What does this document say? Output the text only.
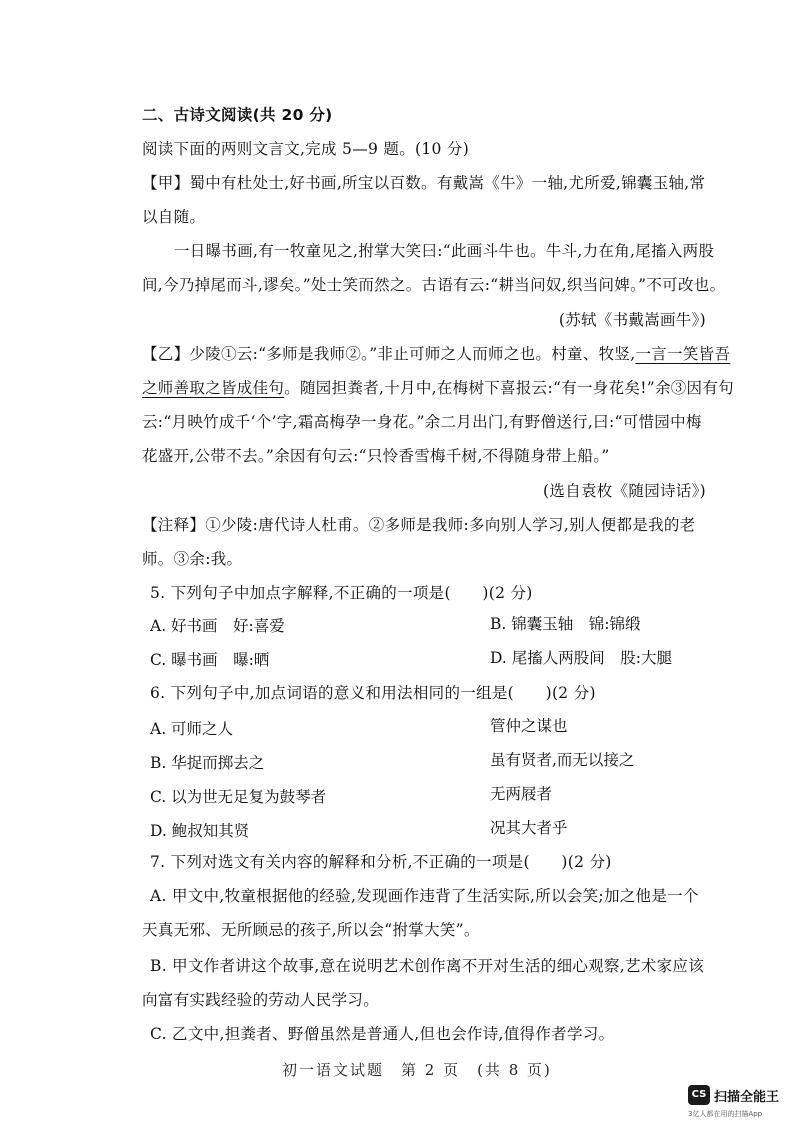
二、古诗文阅读(共 20 分)
阅读下面的两则文言文,完成 5—9 题。(10 分)
【甲】蜀中有杜处士,好书画,所宝以百数。有戴嵩《牛》一轴,尤所爱,锦囊玉轴,常
以自随。
一日曝书画,有一牧童见之,拊掌大笑曰:“此画斗牛也。牛斗,力在角,尾搐入两股
间,今乃掉尾而斗,谬矣。”处士笑而然之。古语有云:“耕当问奴,织当问婢。”不可改也。
(苏轼《书戴嵩画牛》)
【乙】少陵①云:“多师是我师②。”非止可师之人而师之也。村童、牧竖,一言一笑皆吾
之师善取之皆成佳句。随园担粪者,十月中,在梅树下喜报云:“有一身花矣!”余③因有句
云:“月映竹成千‘个’字,霜高梅孕一身花。”余二月出门,有野僧送行,曰:“可惜园中梅
花盛开,公带不去。”余因有句云:“只怜香雪梅千树,不得随身带上船。”
(选自袁枚《随园诗话》)
【注释】①少陵:唐代诗人杜甫。②多师是我师:多向别人学习,别人便都是我的老
师。③余:我。
5. 下列句子中加点字解释,不正确的一项是(　　)(2 分)
A. 好书画　好:喜爱	B. 锦囊玉轴　锦:锦缎
C. 曝书画　曝:晒	D. 尾搐人两股间　股:大腿
6. 下列句子中,加点词语的意义和用法相同的一组是(　　)(2 分)
A. 可师之人	管仲之谋也
B. 华捉而掷去之	虽有贤者,而无以接之
C. 以为世无足复为鼓琴者	无两屐者
D. 鲍叔知其贤	况其大者乎
7. 下列对选文有关内容的解释和分析,不正确的一项是(　　)(2 分)
A. 甲文中,牧童根据他的经验,发现画作违背了生活实际,所以会笑;加之他是一个
天真无邪、无所顾忌的孩子,所以会“拊掌大笑”。
B. 甲文作者讲这个故事,意在说明艺术创作离不开对生活的细心观察,艺术家应该
向富有实践经验的劳动人民学习。
C. 乙文中,担粪者、野僧虽然是普通人,但也会作诗,值得作者学习。
初一语文试题　第 2 页　(共 8 页)
CS 扫描全能王
3亿人都在用的扫描App
